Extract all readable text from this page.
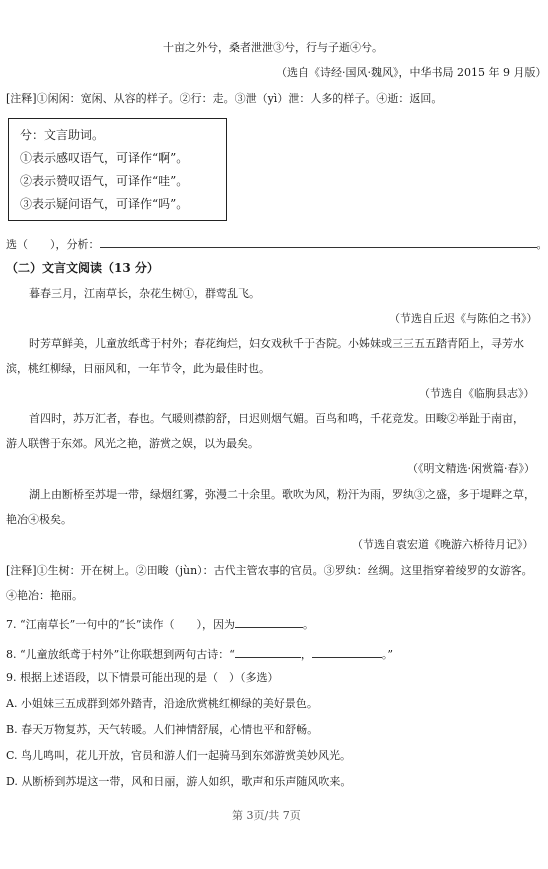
十亩之外兮，桑者泄泄③兮，行与子逝④兮。
（选自《诗经·国风·魏风》，中华书局 2015 年 9 月版）
[注释]①闲闲：宽闲、从容的样子。②行：走。③泄（yì）泄：人多的样子。④逝：返回。
兮：文言助词。
①表示感叹语气，可译作“啊”。
②表示赞叹语气，可译作“哇”。
③表示疑问语气，可译作“吗”。
选（　　），分析：	。
（二）文言文阅读（13 分）
暮春三月，江南草长，杂花生树①，群莺乱飞。
（节选自丘迟《与陈伯之书》）
时芳草鲜美，儿童放纸鸢于村外；春花绚烂，妇女戏秋千于杏院。小姊妹或三三五五踏青陌上，寻芳水
滨，桃红柳绿，日丽风和，一年节令，此为最佳时也。
（节选自《临朐县志》）
首四时，苏万汇者，春也。气暖则襟韵舒，日迟则烟气媚。百鸟和鸣，千花竞发。田畯②举趾于南亩，
游人联辔于东郊。风光之艳，游赏之娱，以为最矣。
（《明文精选·闲赏篇·春》）
湖上由断桥至苏堤一带，绿烟红雾，弥漫二十余里。歌吹为风，粉汗为雨，罗纨③之盛，多于堤畔之草，
艳冶④极矣。
（节选自袁宏道《晚游六桥待月记》）
[注释]①生树：开在树上。②田畯（jùn）：古代主管农事的官员。③罗纨：丝绸。这里指穿着绫罗的女游客。
④艳冶：艳丽。
7. “江南草长”一句中的“长”读作（　　），因为	。
8. “儿童放纸鸢于村外”让你联想到两句古诗：“	，	。”
9. 根据上述语段，以下情景可能出现的是（　）（多选）
A. 小姐妹三五成群到郊外踏青，沿途欣赏桃红柳绿的美好景色。
B. 春天万物复苏，天气转暖。人们神情舒展，心情也平和舒畅。
C. 鸟儿鸣叫，花儿开放，官员和游人们一起骑马到东郊游赏美妙风光。
D. 从断桥到苏堤这一带，风和日丽，游人如织，歌声和乐声随风吹来。
第 3页/共 7页
